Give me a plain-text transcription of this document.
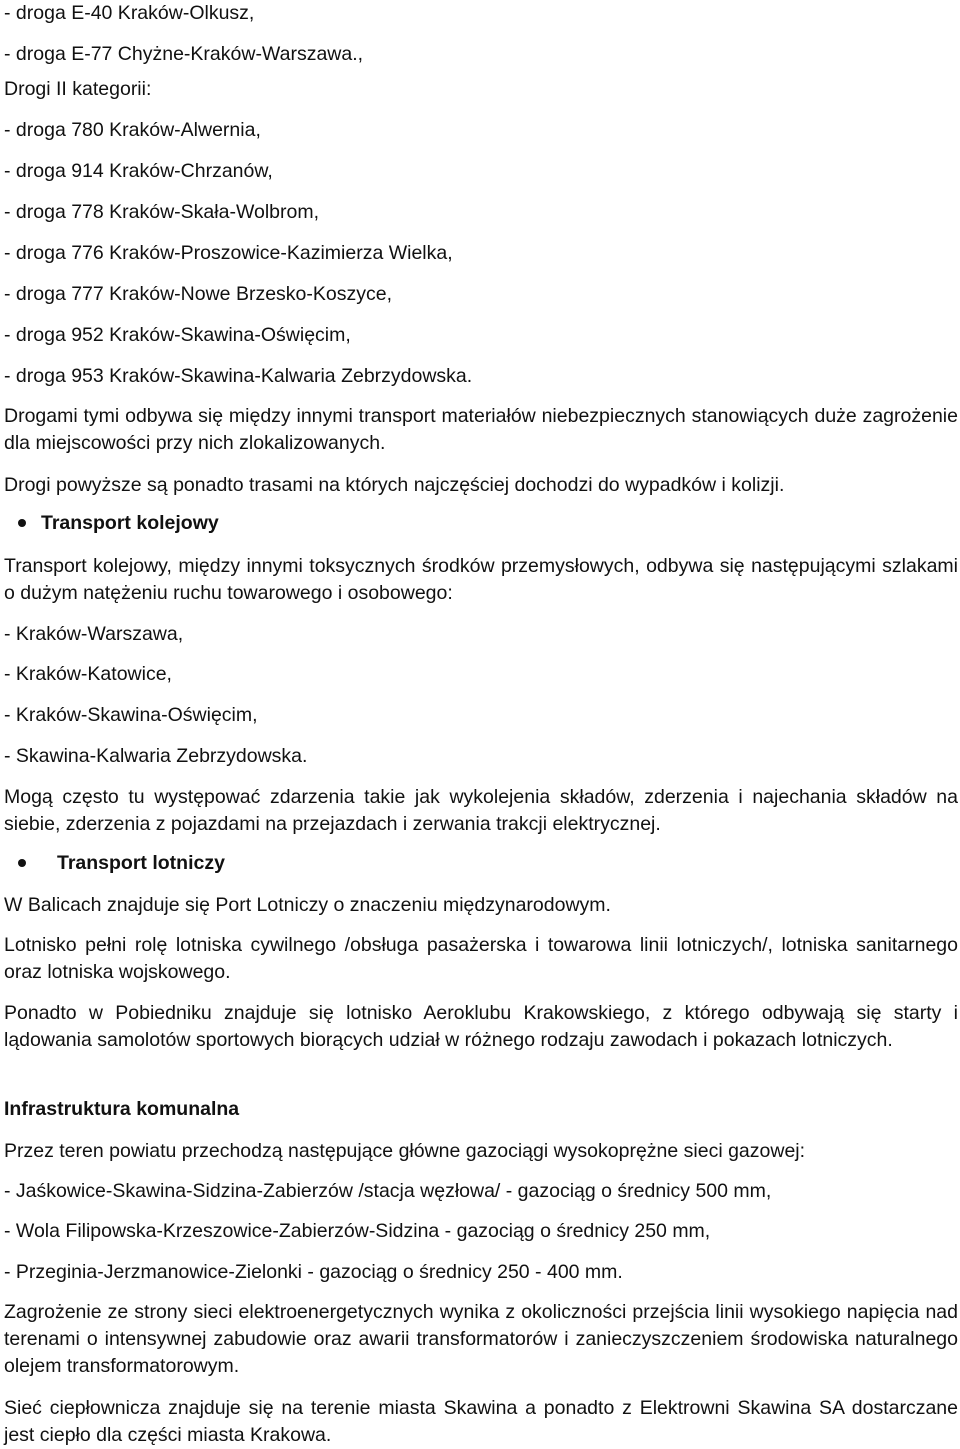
- droga E-40 Kraków-Olkusz,

- droga E-77 Chyżne-Kraków-Warszawa.,

Drogi II kategorii:

- droga 780 Kraków-Alwernia,

- droga 914 Kraków-Chrzanów,

- droga 778 Kraków-Skała-Wolbrom,

- droga 776 Kraków-Proszowice-Kazimierza Wielka,

- droga 777 Kraków-Nowe Brzesko-Koszyce,

- droga 952 Kraków-Skawina-Oświęcim,

- droga 953 Kraków-Skawina-Kalwaria Zebrzydowska.

Drogami tymi odbywa się między innymi transport materiałów niebezpiecznych stanowiących duże zagrożenie dla miejscowości przy nich zlokalizowanych.

Drogi powyższe są ponadto trasami na których najczęściej dochodzi do wypadków i kolizji.

Transport kolejowy

Transport kolejowy, między innymi toksycznych środków przemysłowych, odbywa się następującymi szlakami o dużym natężeniu ruchu towarowego i osobowego:

- Kraków-Warszawa,

- Kraków-Katowice,

- Kraków-Skawina-Oświęcim,

- Skawina-Kalwaria Zebrzydowska.

Mogą często tu występować zdarzenia takie jak wykolejenia składów, zderzenia i najechania składów na siebie, zderzenia z pojazdami na przejazdach i zerwania trakcji elektrycznej.

Transport lotniczy

W Balicach znajduje się Port Lotniczy o znaczeniu międzynarodowym.

Lotnisko pełni rolę lotniska cywilnego /obsługa pasażerska i towarowa linii lotniczych/, lotniska sanitarnego oraz lotniska wojskowego.

Ponadto w Pobiedniku znajduje się lotnisko Aeroklubu Krakowskiego, z którego odbywają się starty i lądowania samolotów sportowych biorących udział w różnego rodzaju zawodach i pokazach lotniczych.

Infrastruktura komunalna

Przez teren powiatu przechodzą następujące główne gazociągi wysokoprężne sieci gazowej:

- Jaśkowice-Skawina-Sidzina-Zabierzów /stacja węzłowa/ - gazociąg o średnicy 500 mm,

- Wola Filipowska-Krzeszowice-Zabierzów-Sidzina - gazociąg o średnicy 250 mm,

- Przeginia-Jerzmanowice-Zielonki - gazociąg o średnicy 250 - 400 mm.

Zagrożenie ze strony sieci elektroenergetycznych wynika z okoliczności przejścia linii wysokiego napięcia nad terenami o intensywnej zabudowie oraz awarii transformatorów i zanieczyszczeniem środowiska naturalnego olejem transformatorowym.

Sieć ciepłownicza znajduje się na terenie miasta Skawina a ponadto z Elektrowni Skawina SA dostarczane jest ciepło dla części miasta Krakowa.
